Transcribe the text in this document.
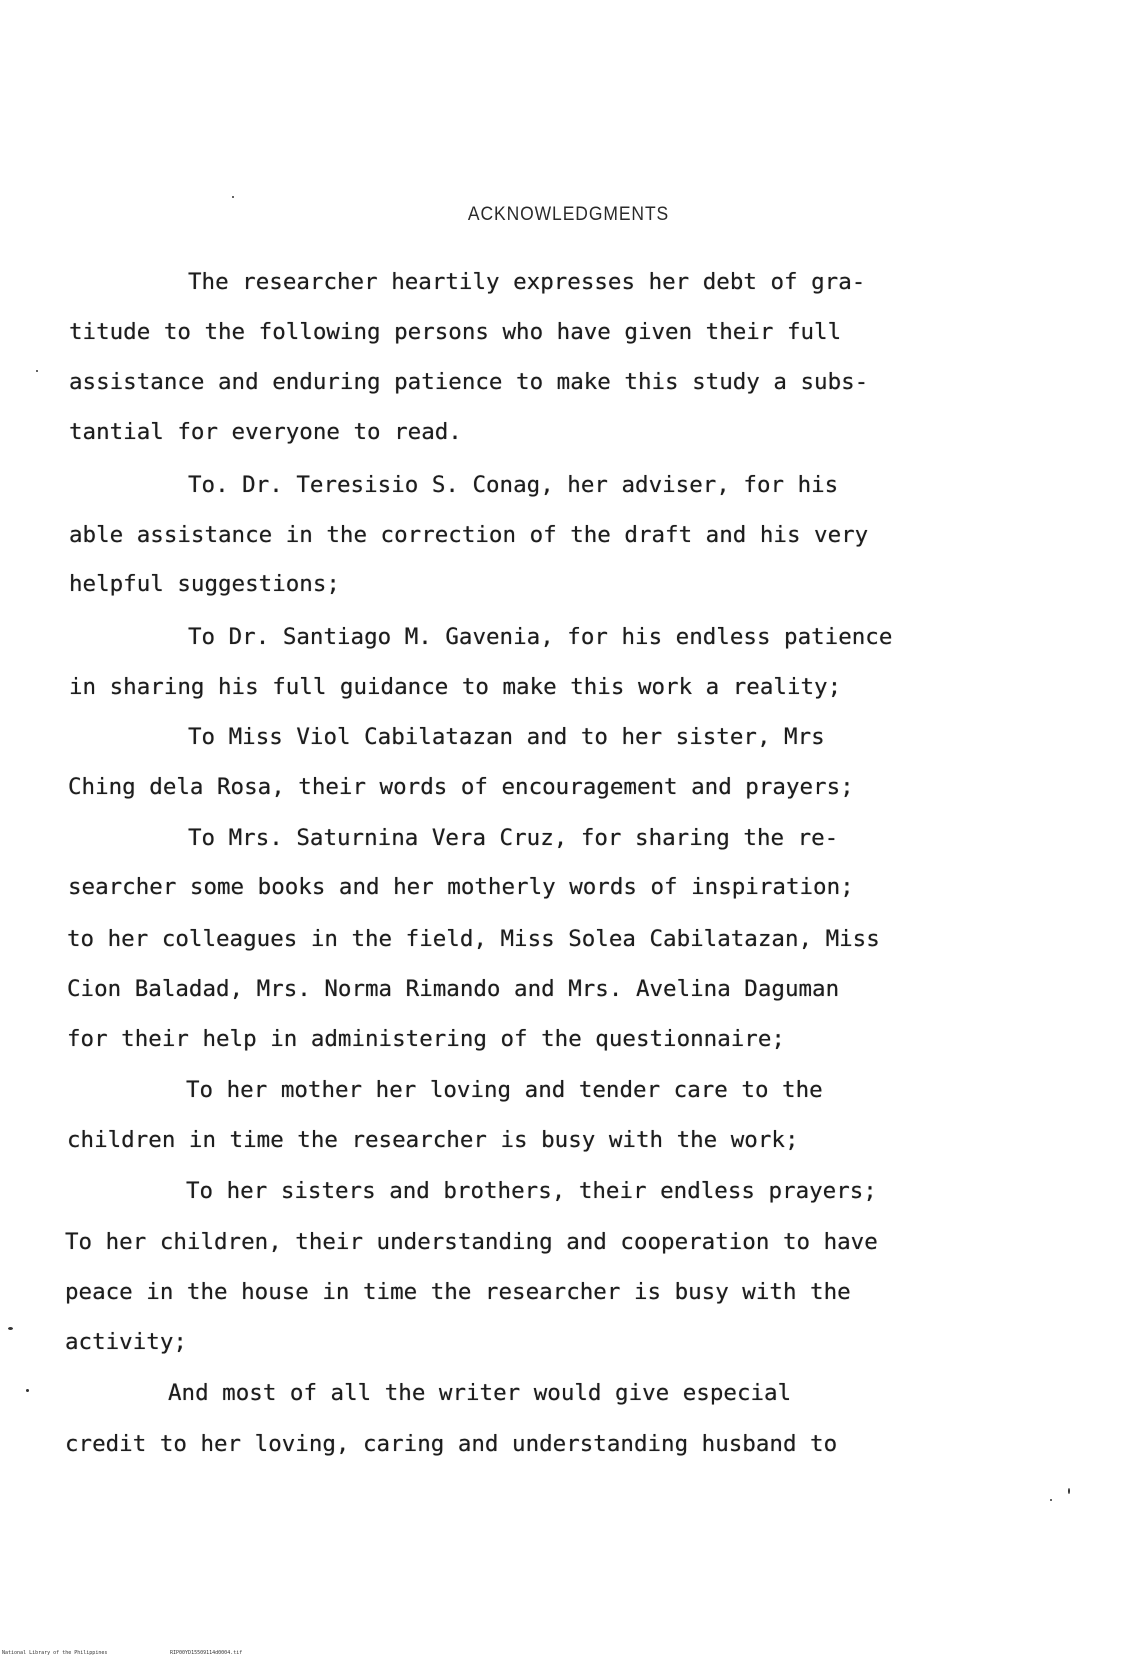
ACKNOWLEDGMENTS
The researcher heartily expresses her debt of gra-
titude to the following persons who have given their full
assistance and enduring patience to make this study a subs-
tantial for everyone to read.
To. Dr. Teresisio S. Conag, her adviser, for his
able assistance in the correction of the draft and his very
helpful suggestions;
To Dr. Santiago M. Gavenia, for his endless patience
in sharing his full guidance to make this work a reality;
To Miss Viol Cabilatazan and to her sister, Mrs
Ching dela Rosa, their words of encouragement and prayers;
To Mrs. Saturnina Vera Cruz, for sharing the re-
searcher some books and her motherly words of inspiration;
to her colleagues in the field, Miss Solea Cabilatazan, Miss
Cion Baladad, Mrs. Norma Rimando and Mrs. Avelina Daguman
for their help in administering of the questionnaire;
To her mother her loving and tender care to the
children in time the researcher is busy with the work;
To her sisters and brothers, their endless prayers;
To her children, their understanding and cooperation to have
peace in the house in time the researcher is busy with the
activity;
And most of all the writer would give especial
credit to her loving, caring and understanding husband to
National Library of the Philippines	RIP00YD15509114d0004.tif
